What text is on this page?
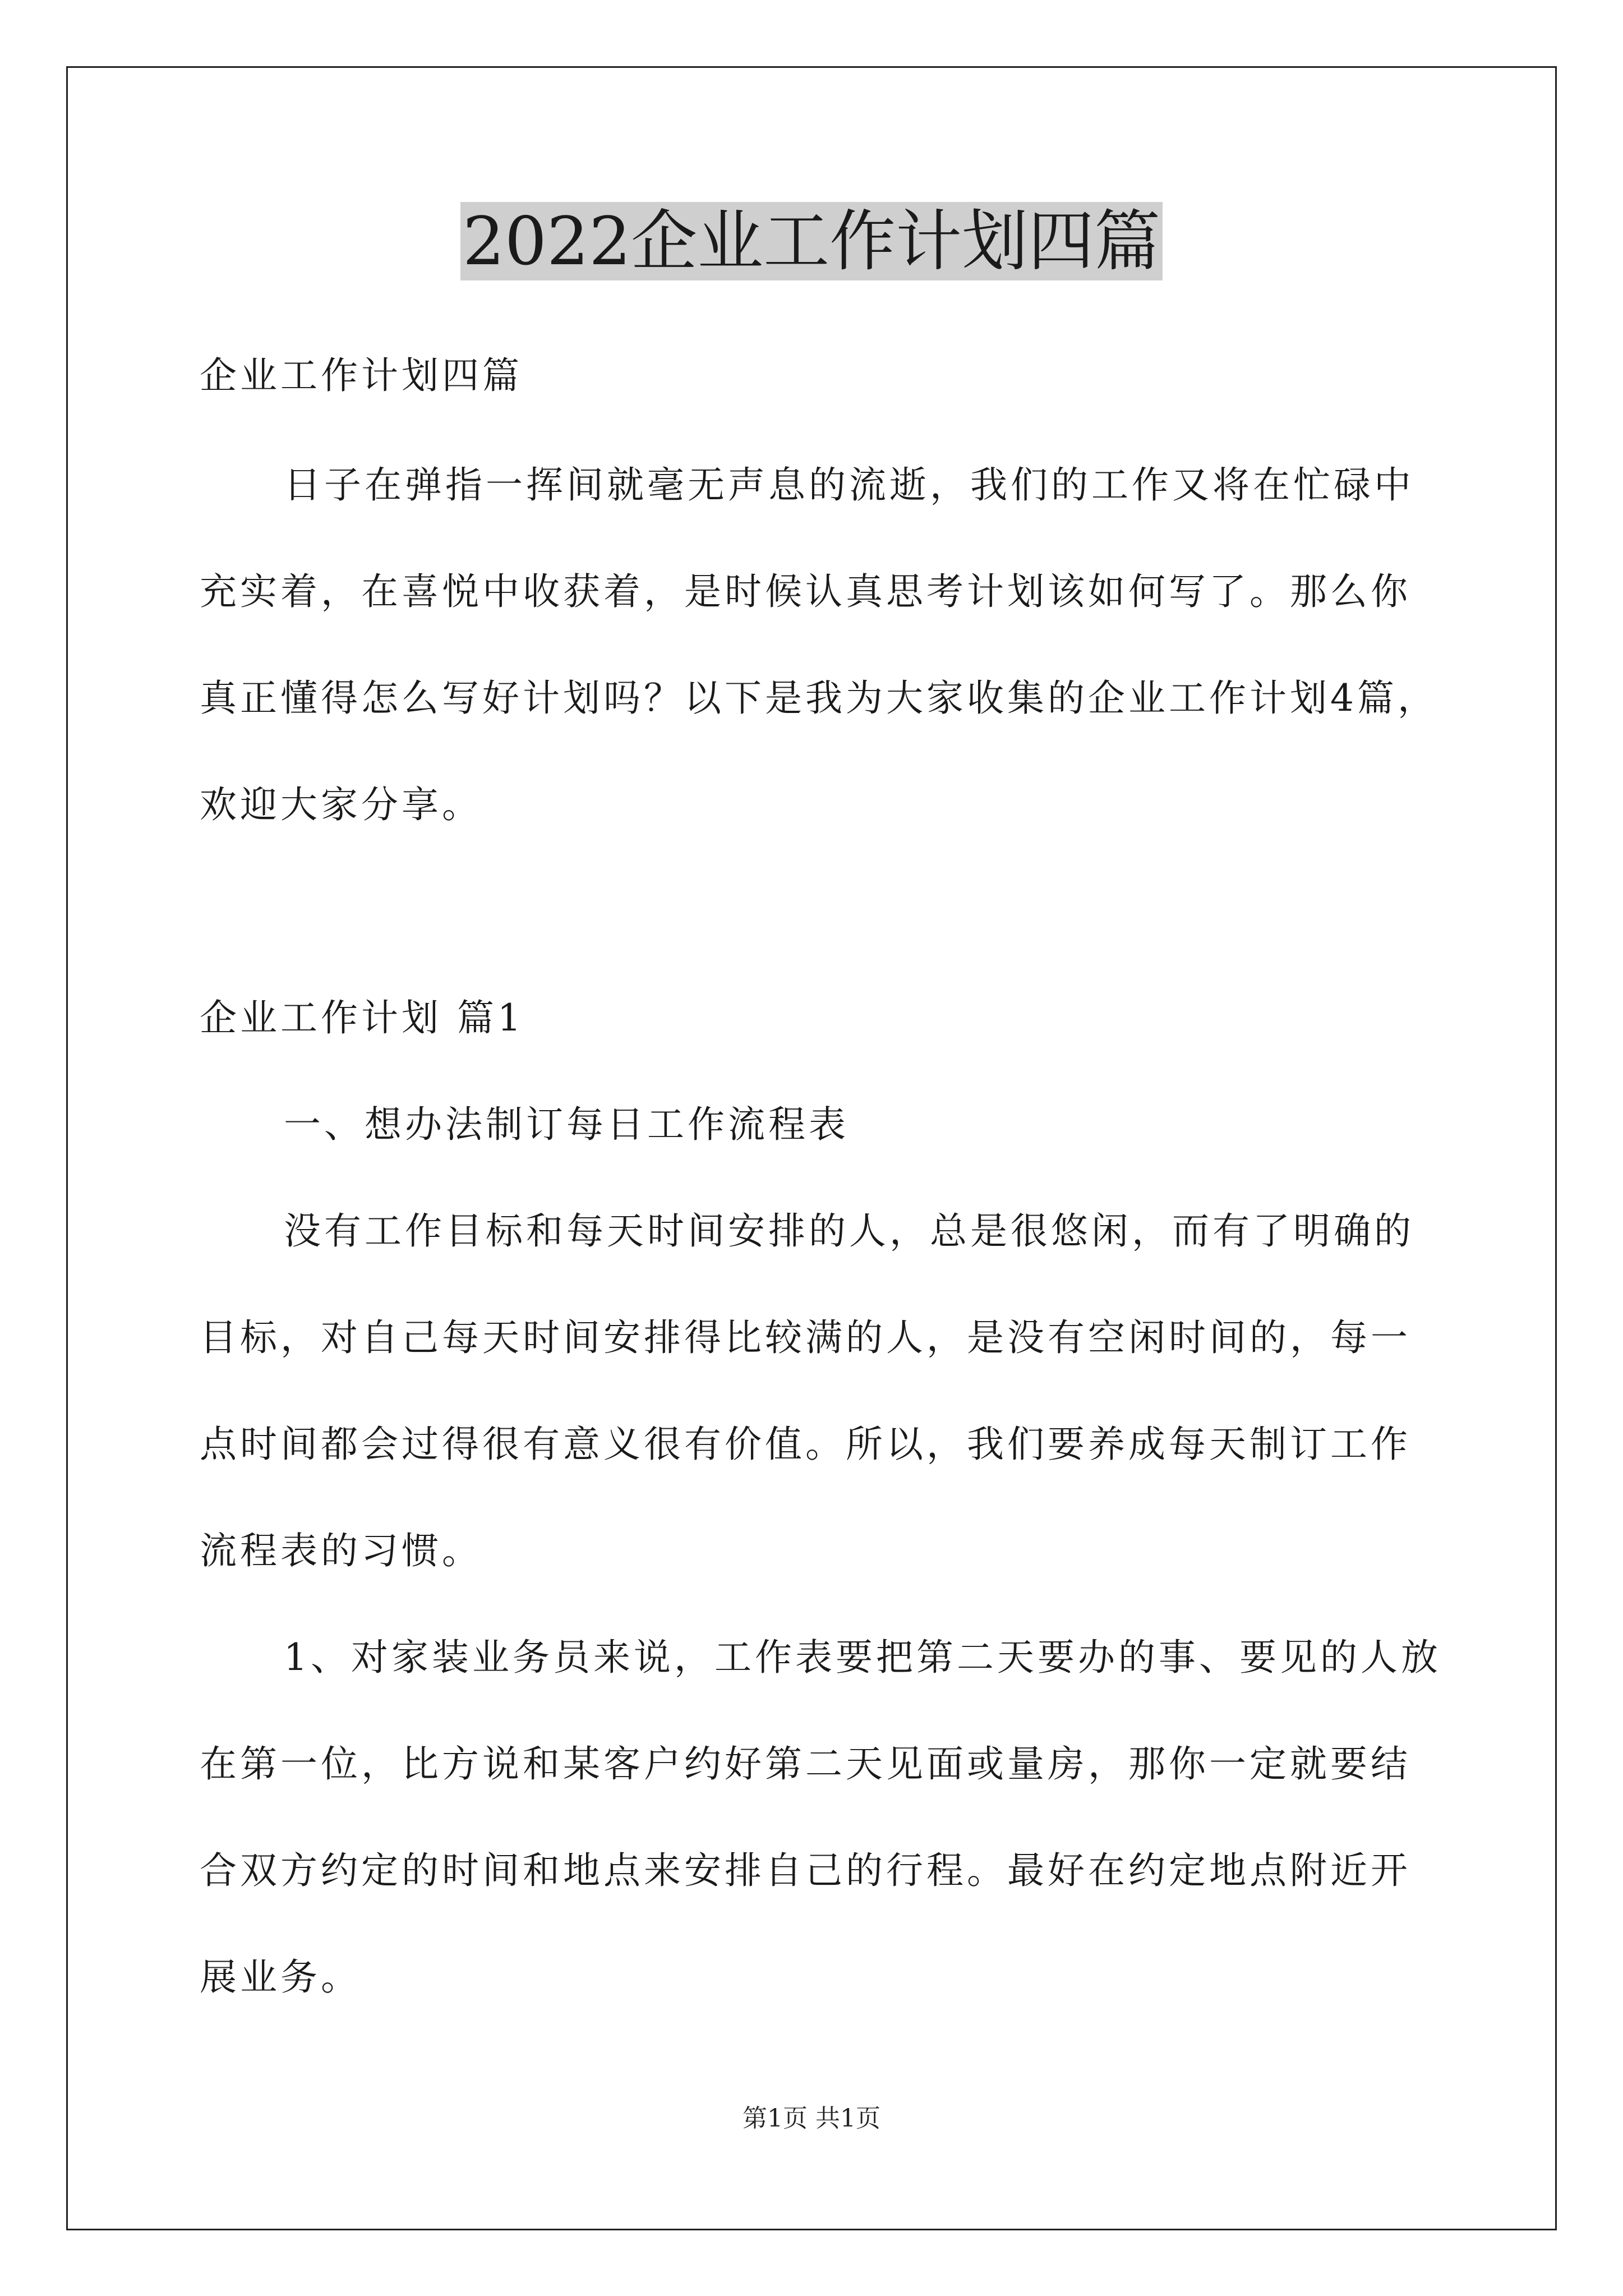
2022企业工作计划四篇
企业工作计划四篇
日子在弹指一挥间就毫无声息的流逝，我们的工作又将在忙碌中
充实着，在喜悦中收获着，是时候认真思考计划该如何写了。那么你
真正懂得怎么写好计划吗？以下是我为大家收集的企业工作计划4篇，
欢迎大家分享。
企业工作计划 篇1
一、想办法制订每日工作流程表
没有工作目标和每天时间安排的人，总是很悠闲，而有了明确的
目标，对自己每天时间安排得比较满的人，是没有空闲时间的，每一
点时间都会过得很有意义很有价值。所以，我们要养成每天制订工作
流程表的习惯。
1、对家装业务员来说，工作表要把第二天要办的事、要见的人放
在第一位，比方说和某客户约好第二天见面或量房，那你一定就要结
合双方约定的时间和地点来安排自己的行程。最好在约定地点附近开
展业务。
第1页 共1页
